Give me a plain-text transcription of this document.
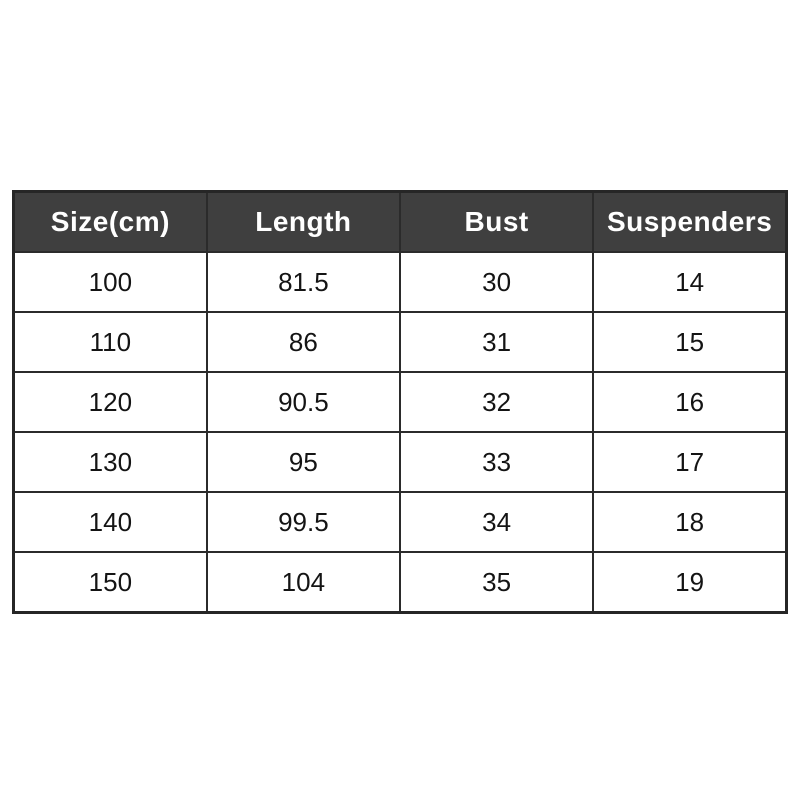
Size(cm)	Length	Bust	Suspenders
100	81.5	30	14
110	86	31	15
120	90.5	32	16
130	95	33	17
140	99.5	34	18
150	104	35	19
